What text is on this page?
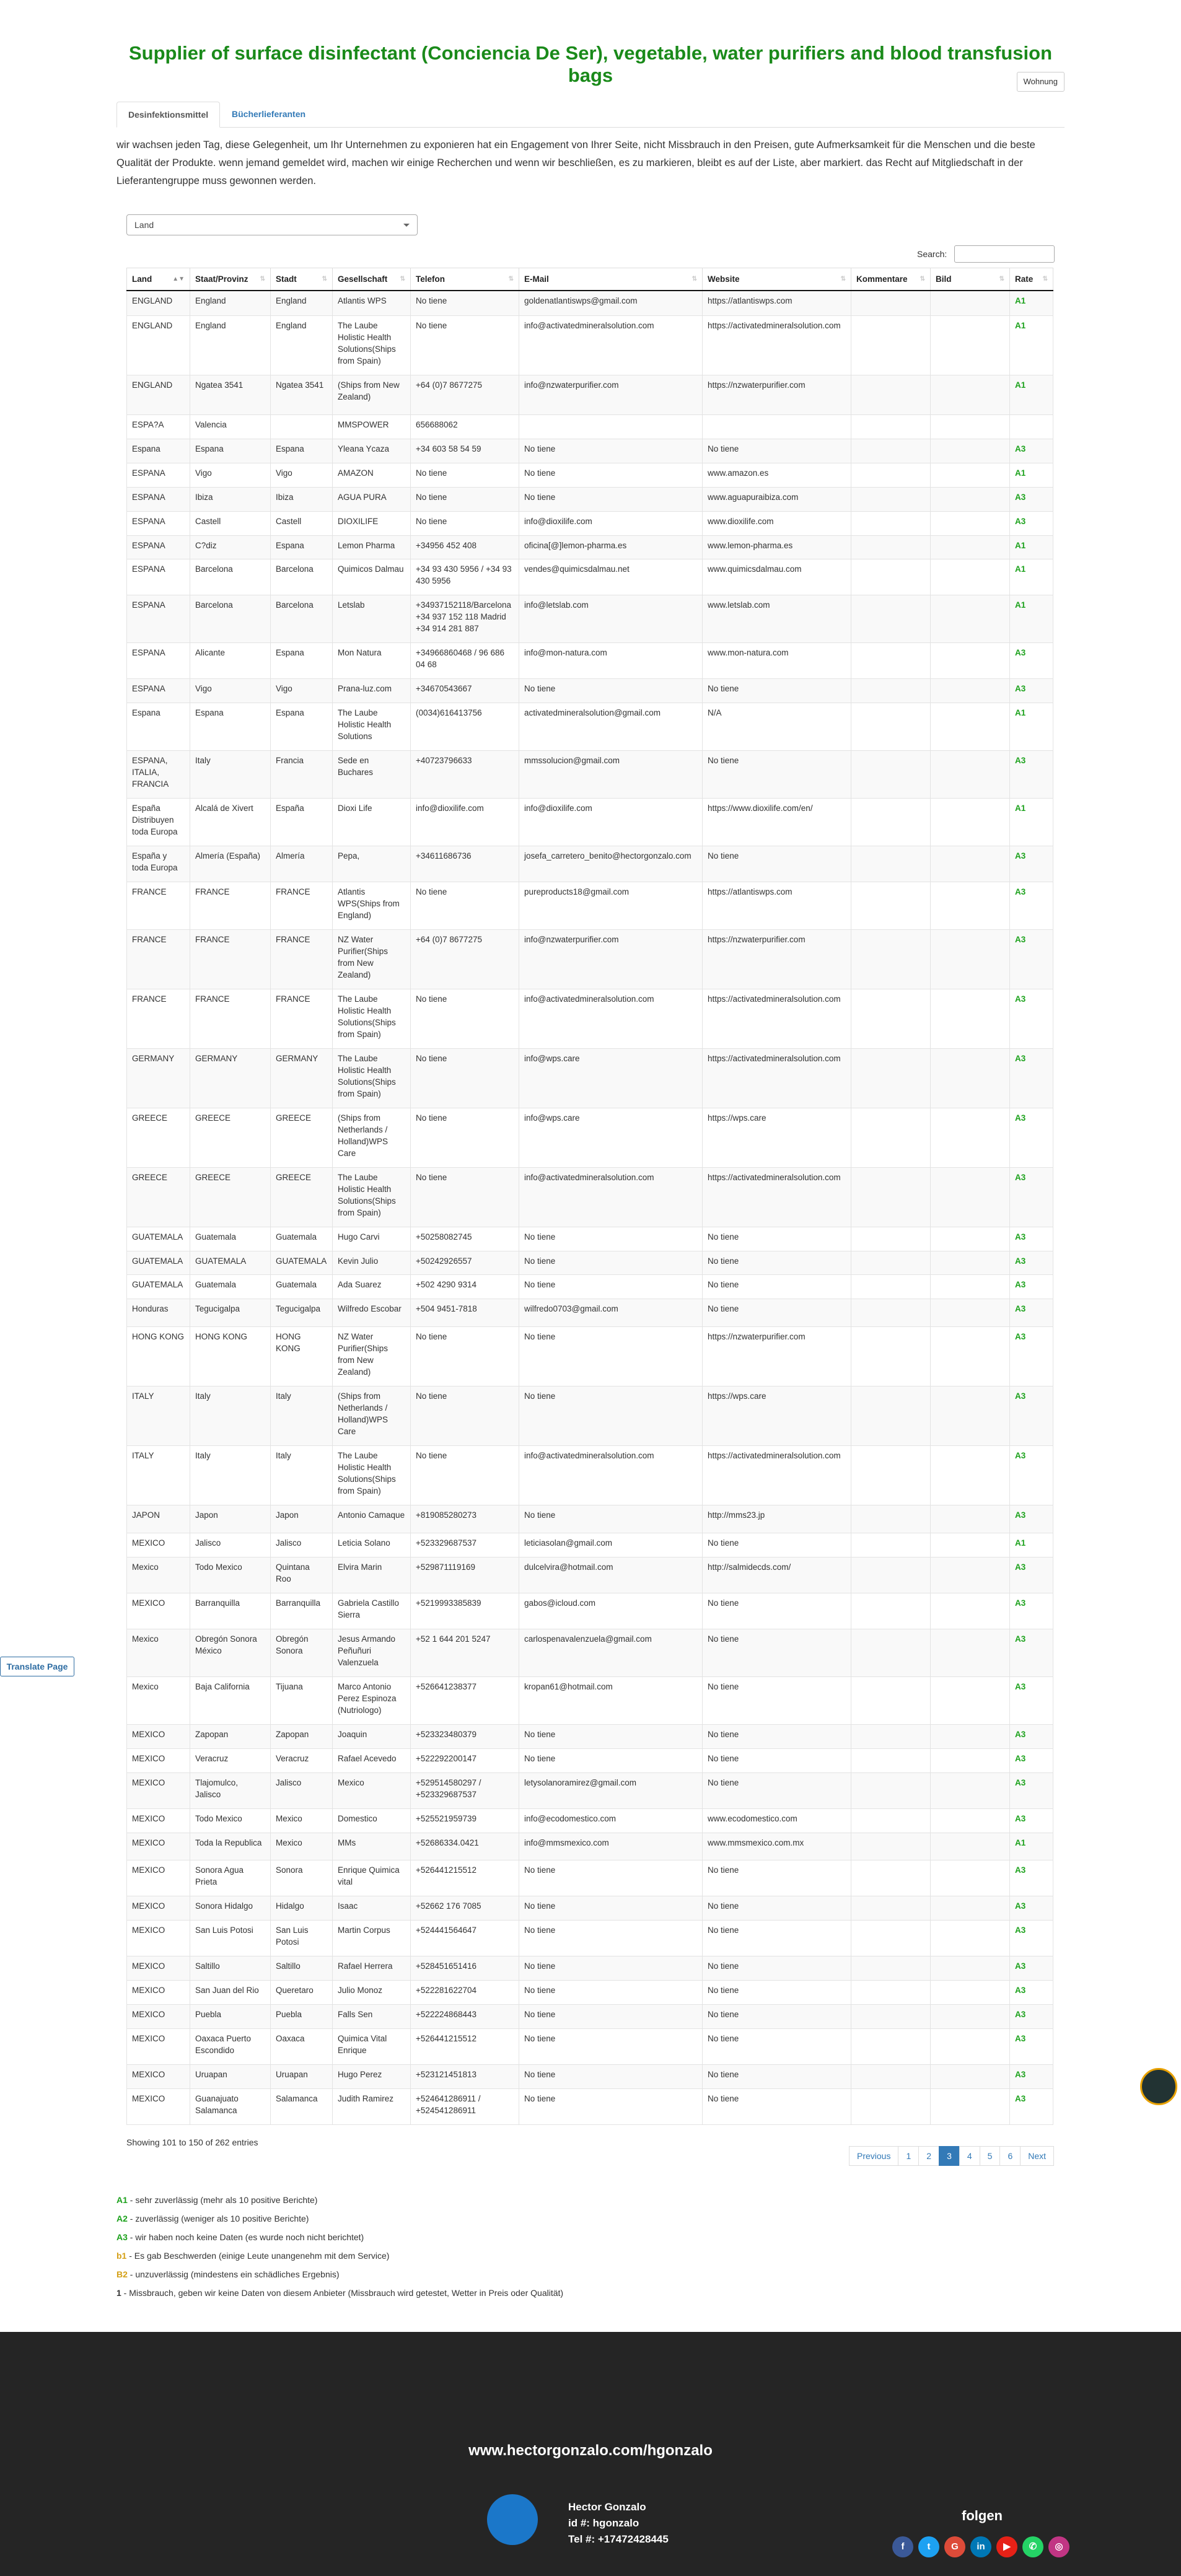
Supplier of surface disinfectant (Conciencia De Ser), vegetable, water purifiers and blood transfusion bags	Wohnung
Desinfektionsmittel	Bücherlieferanten

wir wachsen jeden Tag, diese Gelegenheit, um Ihr Unternehmen zu exponieren hat ein Engagement von Ihrer Seite, nicht Missbrauch in den Preisen, gute Aufmerksamkeit für die Menschen und die beste Qualität der Produkte. wenn jemand gemeldet wird, machen wir einige Recherchen und wenn wir beschließen, es zu markieren, bleibt es auf der Liste, aber markiert. das Recht auf Mitgliedschaft in der Lieferantengruppe muss gewonnen werden.

Land
Search:
Land ▲▼	Staat/Provinz ⇅	Stadt ⇅	Gesellschaft ⇅	Telefon ⇅	E-Mail ⇅	Website ⇅	Kommentare ⇅	Bild ⇅	Rate ⇅

ENGLAND	England	England	Atlantis WPS	No tiene	goldenatlantiswps@gmail.com	https://atlantiswps.com			A1
ENGLAND	England	England	The Laube Holistic Health Solutions(Ships from Spain)	No tiene	info@activatedmineralsolution.com	https://activatedmineralsolution.com			A1
ENGLAND	Ngatea 3541	Ngatea 3541	(Ships from New Zealand)	+64 (0)7 8677275	info@nzwaterpurifier.com	https://nzwaterpurifier.com			A1
ESPA?A	Valencia		MMSPOWER	656688062					
Espana	Espana	Espana	Yleana Ycaza	+34 603 58 54 59	No tiene	No tiene			A3
ESPANA	Vigo	Vigo	AMAZON	No tiene	No tiene	www.amazon.es			A1
ESPANA	Ibiza	Ibiza	AGUA PURA	No tiene	No tiene	www.aguapuraibiza.com			A3
ESPANA	Castell	Castell	DIOXILIFE	No tiene	info@dioxilife.com	www.dioxilife.com			A3
ESPANA	C?diz	Espana	Lemon Pharma	+34956 452 408	oficina[@]lemon-pharma.es	www.lemon-pharma.es			A1
ESPANA	Barcelona	Barcelona	Quimicos Dalmau	+34 93 430 5956 / +34 93 430 5956	vendes@quimicsdalmau.net	www.quimicsdalmau.com			A1
ESPANA	Barcelona	Barcelona	Letslab	+34937152118/Barcelona +34 937 152 118 Madrid +34 914 281 887	info@letslab.com	www.letslab.com			A1
ESPANA	Alicante	Espana	Mon Natura	+34966860468 / 96 686 04 68	info@mon-natura.com	www.mon-natura.com			A3
ESPANA	Vigo	Vigo	Prana-luz.com	+34670543667	No tiene	No tiene			A3
Espana	Espana	Espana	The Laube Holistic Health Solutions	(0034)616413756	activatedmineralsolution@gmail.com	N/A			A1
ESPANA, ITALIA, FRANCIA	Italy	Francia	Sede en Buchares	+40723796633	mmssolucion@gmail.com	No tiene			A3
España Distribuyen toda Europa	Alcalá de Xivert	España	Dioxi Life	info@dioxilife.com	info@dioxilife.com	https://www.dioxilife.com/en/			A1
España y toda Europa	Almería (España)	Almería	Pepa,	+34611686736	josefa_carretero_benito@hectorgonzalo.com	No tiene			A3
FRANCE	FRANCE	FRANCE	Atlantis WPS(Ships from England)	No tiene	pureproducts18@gmail.com	https://atlantiswps.com			A3
FRANCE	FRANCE	FRANCE	NZ Water Purifier(Ships from New Zealand)	+64 (0)7 8677275	info@nzwaterpurifier.com	https://nzwaterpurifier.com			A3
FRANCE	FRANCE	FRANCE	The Laube Holistic Health Solutions(Ships from Spain)	No tiene	info@activatedmineralsolution.com	https://activatedmineralsolution.com			A3
GERMANY	GERMANY	GERMANY	The Laube Holistic Health Solutions(Ships from Spain)	No tiene	info@wps.care	https://activatedmineralsolution.com			A3
GREECE	GREECE	GREECE	(Ships from Netherlands / Holland)WPS Care	No tiene	info@wps.care	https://wps.care			A3
GREECE	GREECE	GREECE	The Laube Holistic Health Solutions(Ships from Spain)	No tiene	info@activatedmineralsolution.com	https://activatedmineralsolution.com			A3
GUATEMALA	Guatemala	Guatemala	Hugo Carvi	+50258082745	No tiene	No tiene			A3
GUATEMALA	GUATEMALA	GUATEMALA	Kevin Julio	+50242926557	No tiene	No tiene			A3
GUATEMALA	Guatemala	Guatemala	Ada Suarez	+502 4290 9314	No tiene	No tiene			A3
Honduras	Tegucigalpa	Tegucigalpa	Wilfredo Escobar	+504 9451-7818	wilfredo0703@gmail.com	No tiene			A3
HONG KONG	HONG KONG	HONG KONG	NZ Water Purifier(Ships from New Zealand)	No tiene	No tiene	https://nzwaterpurifier.com			A3
ITALY	Italy	Italy	(Ships from Netherlands / Holland)WPS Care	No tiene	No tiene	https://wps.care			A3
ITALY	Italy	Italy	The Laube Holistic Health Solutions(Ships from Spain)	No tiene	info@activatedmineralsolution.com	https://activatedmineralsolution.com			A3
JAPON	Japon	Japon	Antonio Camaque	+819085280273	No tiene	http://mms23.jp			A3
MEXICO	Jalisco	Jalisco	Leticia Solano	+523329687537	leticiasolan@gmail.com	No tiene			A1
Mexico	Todo Mexico	Quintana Roo	Elvira Marin	+529871119169	dulcelvira@hotmail.com	http://salmidecds.com/			A3
MEXICO	Barranquilla	Barranquilla	Gabriela Castillo Sierra	+5219993385839	gabos@icloud.com	No tiene			A3
Mexico	Obregón Sonora México	Obregón Sonora	Jesus Armando Peñuñuri Valenzuela	+52 1 644 201 5247	carlospenavalenzuela@gmail.com	No tiene			A3
Mexico	Baja California	Tijuana	Marco Antonio Perez Espinoza (Nutriologo)	+526641238377	kropan61@hotmail.com	No tiene			A3
MEXICO	Zapopan	Zapopan	Joaquin	+523323480379	No tiene	No tiene			A3
MEXICO	Veracruz	Veracruz	Rafael Acevedo	+522292200147	No tiene	No tiene			A3
MEXICO	Tlajomulco, Jalisco	Jalisco	Mexico	+529514580297 / +523329687537	letysolanoramirez@gmail.com	No tiene			A3
MEXICO	Todo Mexico	Mexico	Domestico	+525521959739	info@ecodomestico.com	www.ecodomestico.com			A3
MEXICO	Toda la Republica	Mexico	MMs	+52686334.0421	info@mmsmexico.com	www.mmsmexico.com.mx			A1
MEXICO	Sonora Agua Prieta	Sonora	Enrique Quimica vital	+526441215512	No tiene	No tiene			A3
MEXICO	Sonora Hidalgo	Hidalgo	Isaac	+52662 176 7085	No tiene	No tiene			A3
MEXICO	San Luis Potosi	San Luis Potosi	Martin Corpus	+524441564647	No tiene	No tiene			A3
MEXICO	Saltillo	Saltillo	Rafael Herrera	+528451651416	No tiene	No tiene			A3
MEXICO	San Juan del Rio	Queretaro	Julio Monoz	+522281622704	No tiene	No tiene			A3
MEXICO	Puebla	Puebla	Falls Sen	+522224868443	No tiene	No tiene			A3
MEXICO	Oaxaca Puerto Escondido	Oaxaca	Quimica Vital Enrique	+526441215512	No tiene	No tiene			A3
MEXICO	Uruapan	Uruapan	Hugo Perez	+523121451813	No tiene	No tiene			A3
MEXICO	Guanajuato Salamanca	Salamanca	Judith Ramirez	+524641286911 / +524541286911	No tiene	No tiene			A3
Showing 101 to 150 of 262 entries
Previous	1	2	3	4	5	6	Next
A1 - sehr zuverlässig (mehr als 10 positive Berichte)
A2 - zuverlässig (weniger als 10 positive Berichte)
A3 - wir haben noch keine Daten (es wurde noch nicht berichtet)
b1 - Es gab Beschwerden (einige Leute unangenehm mit dem Service)
B2 - unzuverlässig (mindestens ein schädliches Ergebnis)
1 - Missbrauch, geben wir keine Daten von diesem Anbieter (Missbrauch wird getestet, Wetter in Preis oder Qualität)
Translate Page
www.hectorgonzalo.com/hgonzalo
Hector Gonzalo
id #: hgonzalo
Tel #: +17472428445
folgen
f	t	G	in	▶	✆	◎
